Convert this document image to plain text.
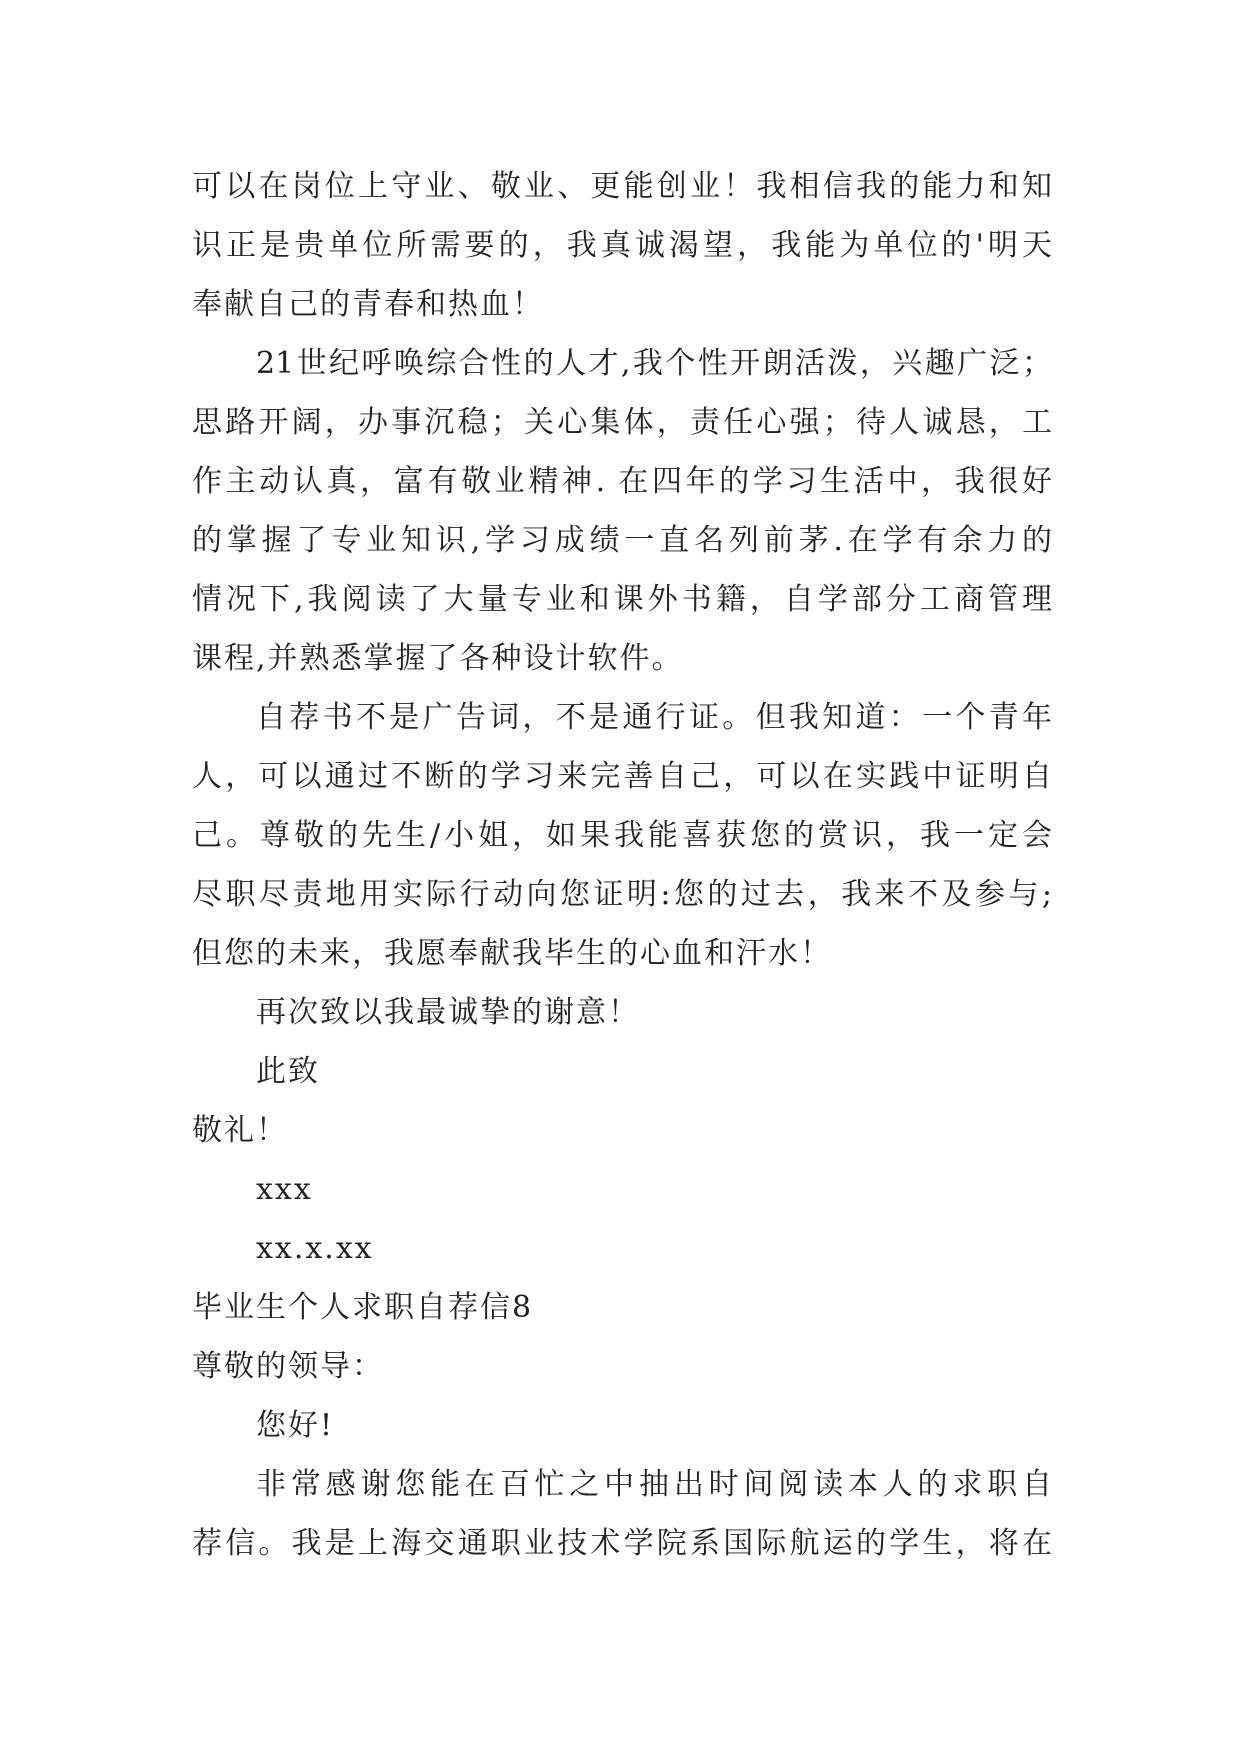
可以在岗位上守业、敬业、更能创业！我相信我的能力和知
识正是贵单位所需要的，我真诚渴望，我能为单位的'明天
奉献自己的青春和热血！
21世纪呼唤综合性的人才,我个性开朗活泼，兴趣广泛；
思路开阔，办事沉稳；关心集体，责任心强；待人诚恳，工
作主动认真，富有敬业精神. 在四年的学习生活中，我很好
的掌握了专业知识,学习成绩一直名列前茅.在学有余力的
情况下,我阅读了大量专业和课外书籍，自学部分工商管理
课程,并熟悉掌握了各种设计软件。
自荐书不是广告词，不是通行证。但我知道：一个青年
人，可以通过不断的学习来完善自己，可以在实践中证明自
己。尊敬的先生/小姐，如果我能喜获您的赏识，我一定会
尽职尽责地用实际行动向您证明:您的过去，我来不及参与;
但您的未来，我愿奉献我毕生的心血和汗水！
再次致以我最诚挚的谢意！
此致
敬礼！
xxx
xx.x.xx
毕业生个人求职自荐信8
尊敬的领导：
您好!
非常感谢您能在百忙之中抽出时间阅读本人的求职自
荐信。我是上海交通职业技术学院系国际航运的学生，将在
